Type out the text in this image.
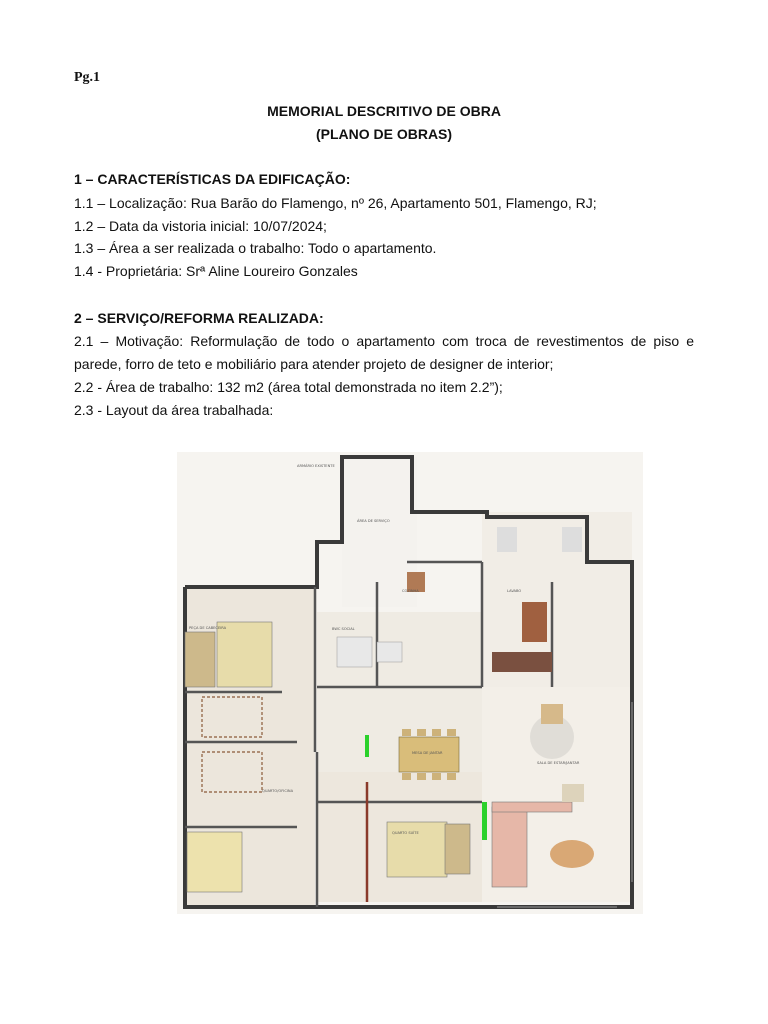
Pg.1
MEMORIAL DESCRITIVO DE OBRA
(PLANO DE OBRAS)
1 – CARACTERÍSTICAS DA EDIFICAÇÃO:
1.1 – Localização: Rua Barão do Flamengo, nº 26, Apartamento 501, Flamengo, RJ;
1.2 – Data da vistoria inicial: 10/07/2024;
1.3 – Área a ser realizada o trabalho: Todo o apartamento.
1.4 - Proprietária: Srª Aline Loureiro Gonzales
2 – SERVIÇO/REFORMA REALIZADA:
2.1 – Motivação: Reformulação de todo o apartamento com troca de revestimentos de piso e parede, forro de teto e mobiliário para atender projeto de designer de interior;
2.2 - Área de trabalho: 132 m2 (área total demonstrada no item 2.2”);
2.3 - Layout da área trabalhada:
PEÇA DE CABECEIRA
QUARTO/OFICINA
MESA DE JANTAR
SALA DE ESTAR/JANTAR
QUARTO SUÍTE
COZINHA
ÁREA DE SERVIÇO
BWC SOCIAL
LAVABO
ARMÁRIO EXISTENTE
